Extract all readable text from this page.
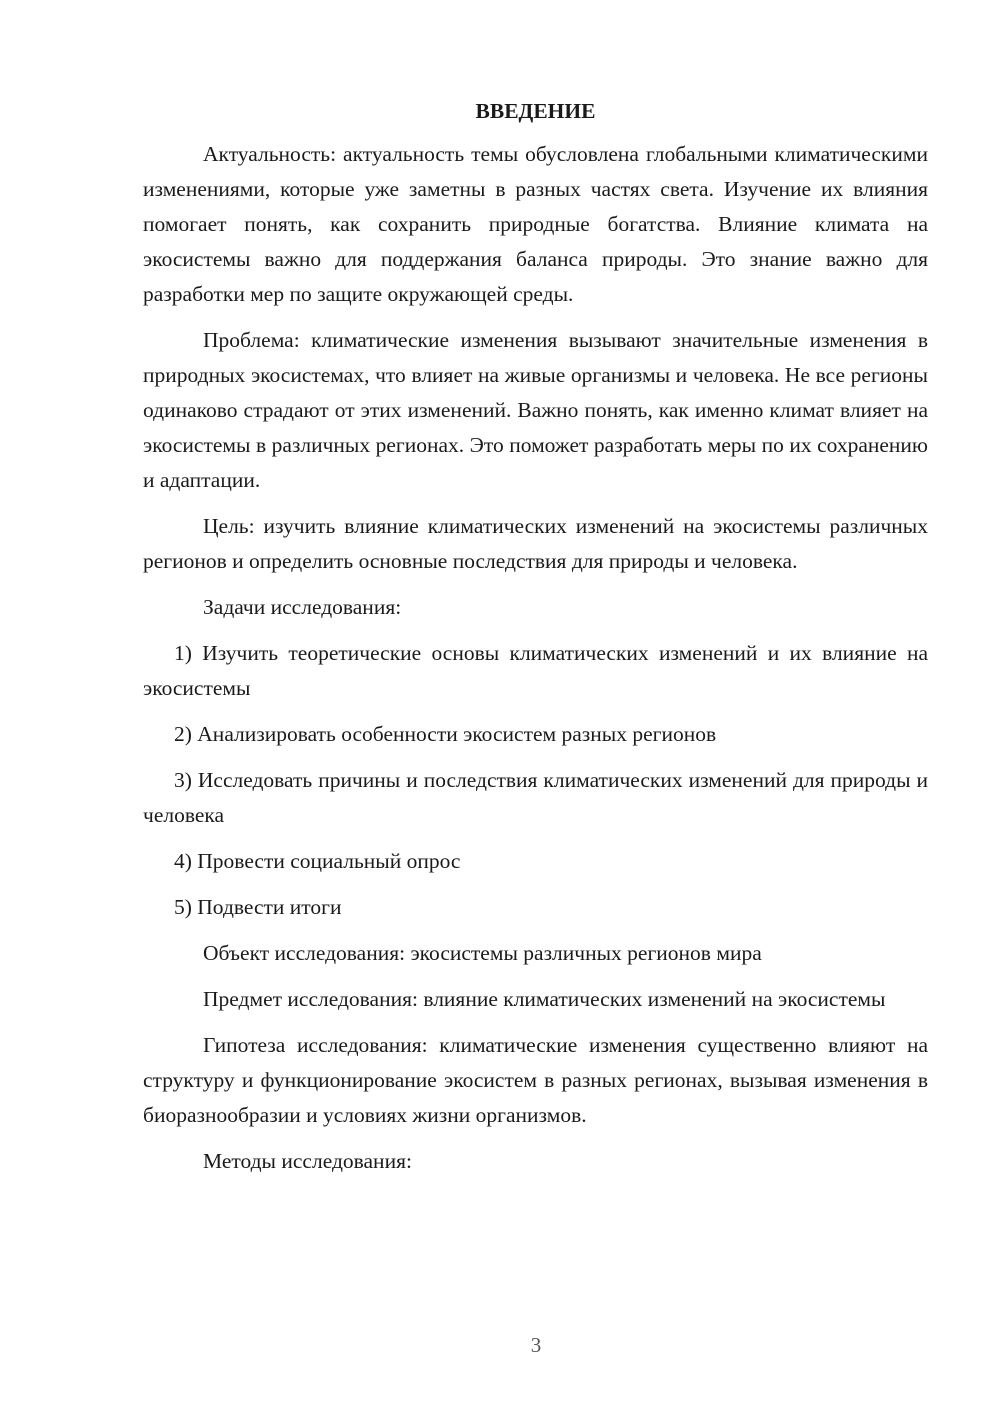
ВВЕДЕНИЕ

Актуальность: актуальность темы обусловлена глобальными климатическими изменениями, которые уже заметны в разных частях света. Изучение их влияния помогает понять, как сохранить природные богатства. Влияние климата на экосистемы важно для поддержания баланса природы. Это знание важно для разработки мер по защите окружающей среды.

Проблема: климатические изменения вызывают значительные изменения в природных экосистемах, что влияет на живые организмы и человека. Не все регионы одинаково страдают от этих изменений. Важно понять, как именно климат влияет на экосистемы в различных регионах. Это поможет разработать меры по их сохранению и адаптации.

Цель: изучить влияние климатических изменений на экосистемы различных регионов и определить основные последствия для природы и человека.

Задачи исследования:

1) Изучить теоретические основы климатических изменений и их влияние на экосистемы

2) Анализировать особенности экосистем разных регионов

3) Исследовать причины и последствия климатических изменений для природы и человека

4) Провести социальный опрос

5) Подвести итоги

Объект исследования: экосистемы различных регионов мира

Предмет исследования: влияние климатических изменений на экосистемы

Гипотеза исследования: климатические изменения существенно влияют на структуру и функционирование экосистем в разных регионах, вызывая изменения в биоразнообразии и условиях жизни организмов.

Методы исследования:

3
